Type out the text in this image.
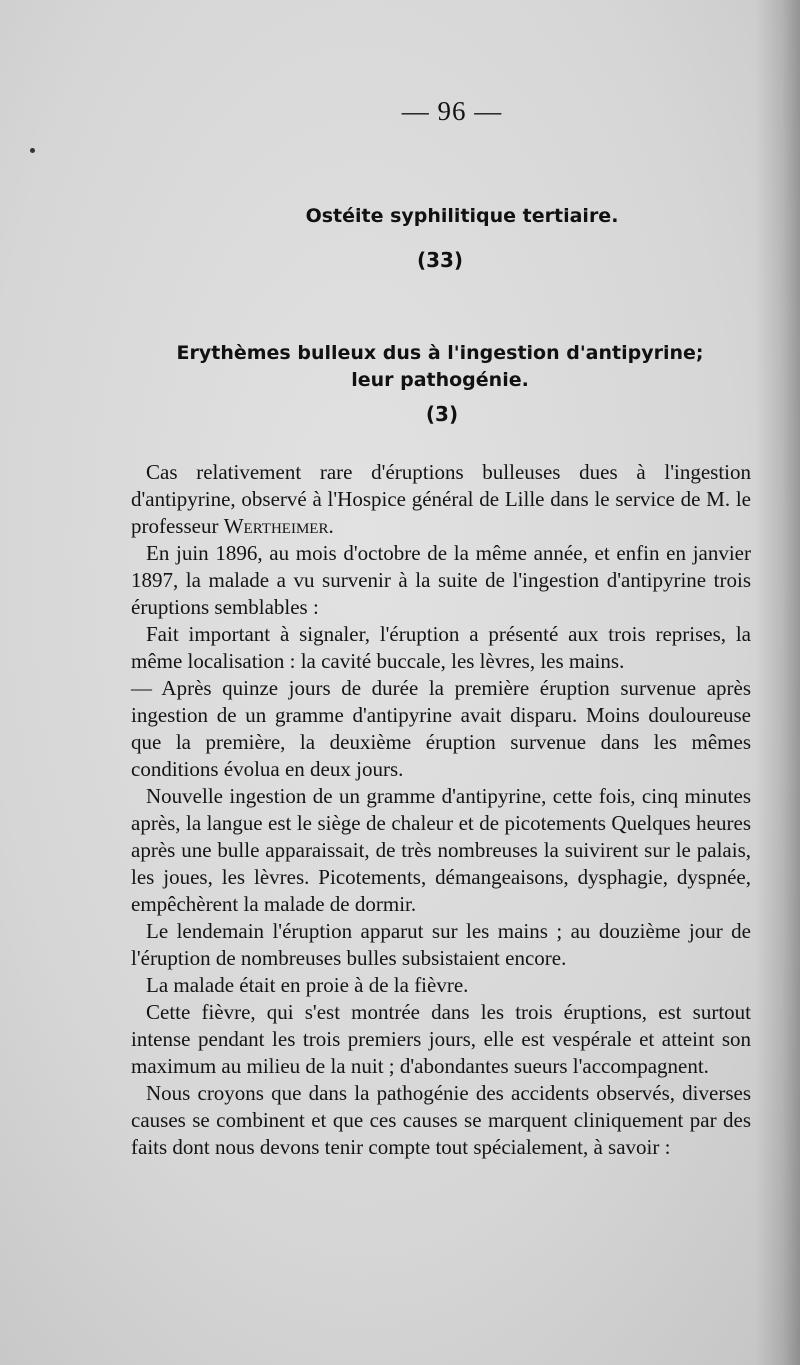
— 96 —
Ostéite syphilitique tertiaire.
(33)
Erythèmes bulleux dus à l'ingestion d'antipyrine;
leur pathogénie.
(3)

Cas relativement rare d'éruptions bulleuses dues à l'ingestion d'antipyrine, observé à l'Hospice général de Lille dans le service de M. le professeur Wertheimer.

En juin 1896, au mois d'octobre de la même année, et enfin en janvier 1897, la malade a vu survenir à la suite de l'ingestion d'antipyrine trois éruptions semblables :

Fait important à signaler, l'éruption a présenté aux trois reprises, la même localisation : la cavité buccale, les lèvres, les mains.

— Après quinze jours de durée la première éruption survenue après ingestion de un gramme d'antipyrine avait disparu. Moins douloureuse que la première, la deuxième éruption survenue dans les mêmes conditions évolua en deux jours.

Nouvelle ingestion de un gramme d'antipyrine, cette fois, cinq minutes après, la langue est le siège de chaleur et de picotements Quelques heures après une bulle apparaissait, de très nombreuses la suivirent sur le palais, les joues, les lèvres. Picotements, démangeaisons, dysphagie, dyspnée, empêchèrent la malade de dormir.

Le lendemain l'éruption apparut sur les mains ; au douzième jour de l'éruption de nombreuses bulles subsistaient encore.

La malade était en proie à de la fièvre.

Cette fièvre, qui s'est montrée dans les trois éruptions, est surtout intense pendant les trois premiers jours, elle est vespérale et atteint son maximum au milieu de la nuit ; d'abondantes sueurs l'accompagnent.

Nous croyons que dans la pathogénie des accidents observés, diverses causes se combinent et que ces causes se marquent cliniquement par des faits dont nous devons tenir compte tout spécialement, à savoir :
